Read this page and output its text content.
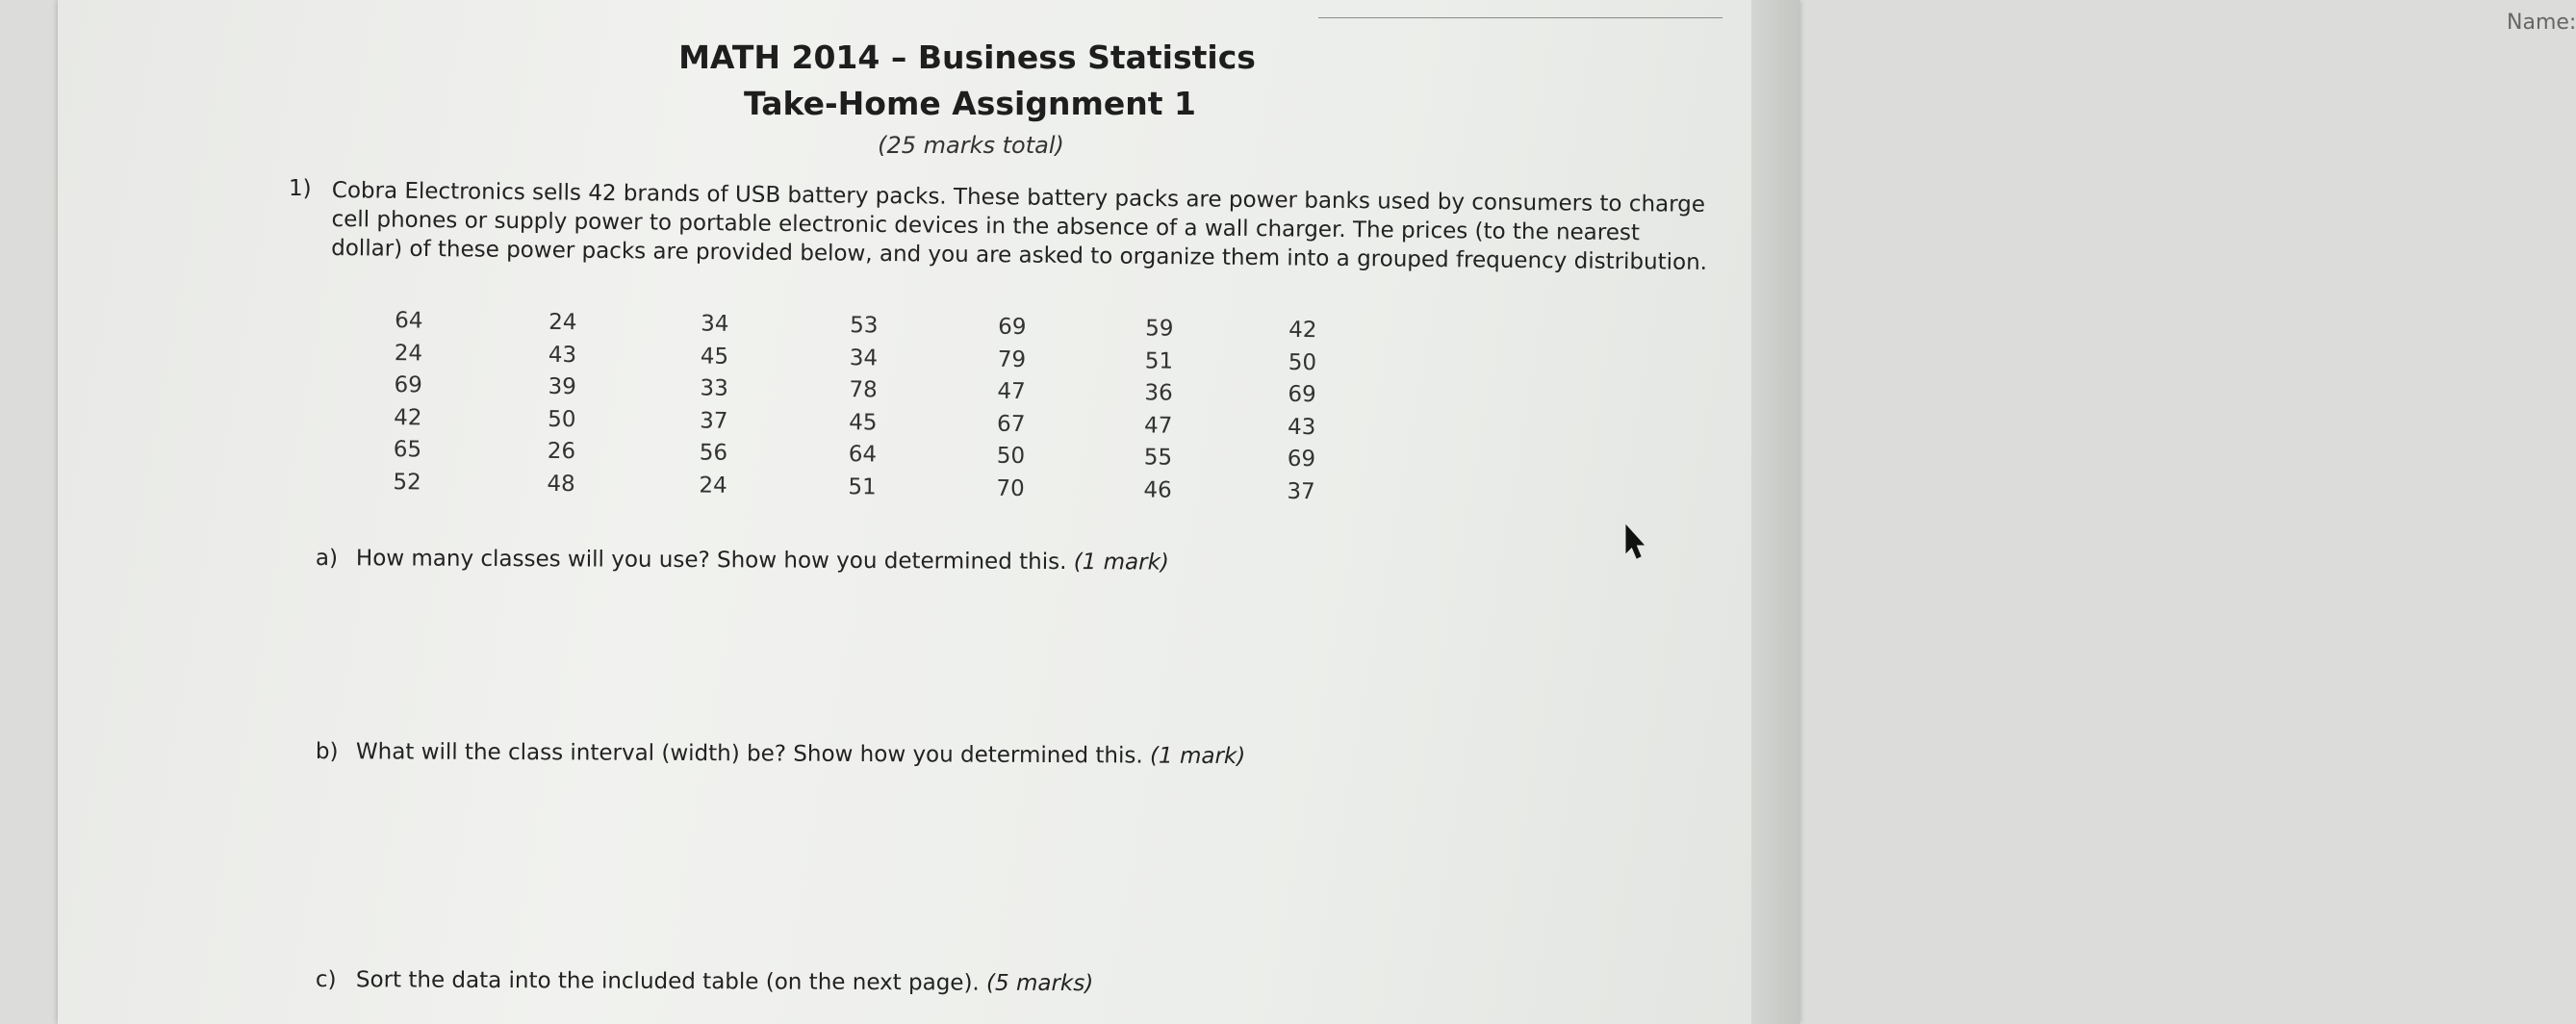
Name:
MATH 2014 – Business Statistics
Take-Home Assignment 1
(25 marks total)
1) Cobra Electronics sells 42 brands of USB battery packs. These battery packs are power banks used by consumers to charge cell phones or supply power to portable electronic devices in the absence of a wall charger. The prices (to the nearest dollar) of these power packs are provided below, and you are asked to organize them into a grouped frequency distribution.
64
24
69
42
65
52
24
43
39
50
26
48
34
45
33
37
56
24
53
34
78
45
64
51
69
79
47
67
50
70
59
51
36
47
55
46
42
50
69
43
69
37
a) How many classes will you use? Show how you determined this. (1 mark)
b) What will the class interval (width) be? Show how you determined this. (1 mark)
c) Sort the data into the included table (on the next page). (5 marks)
